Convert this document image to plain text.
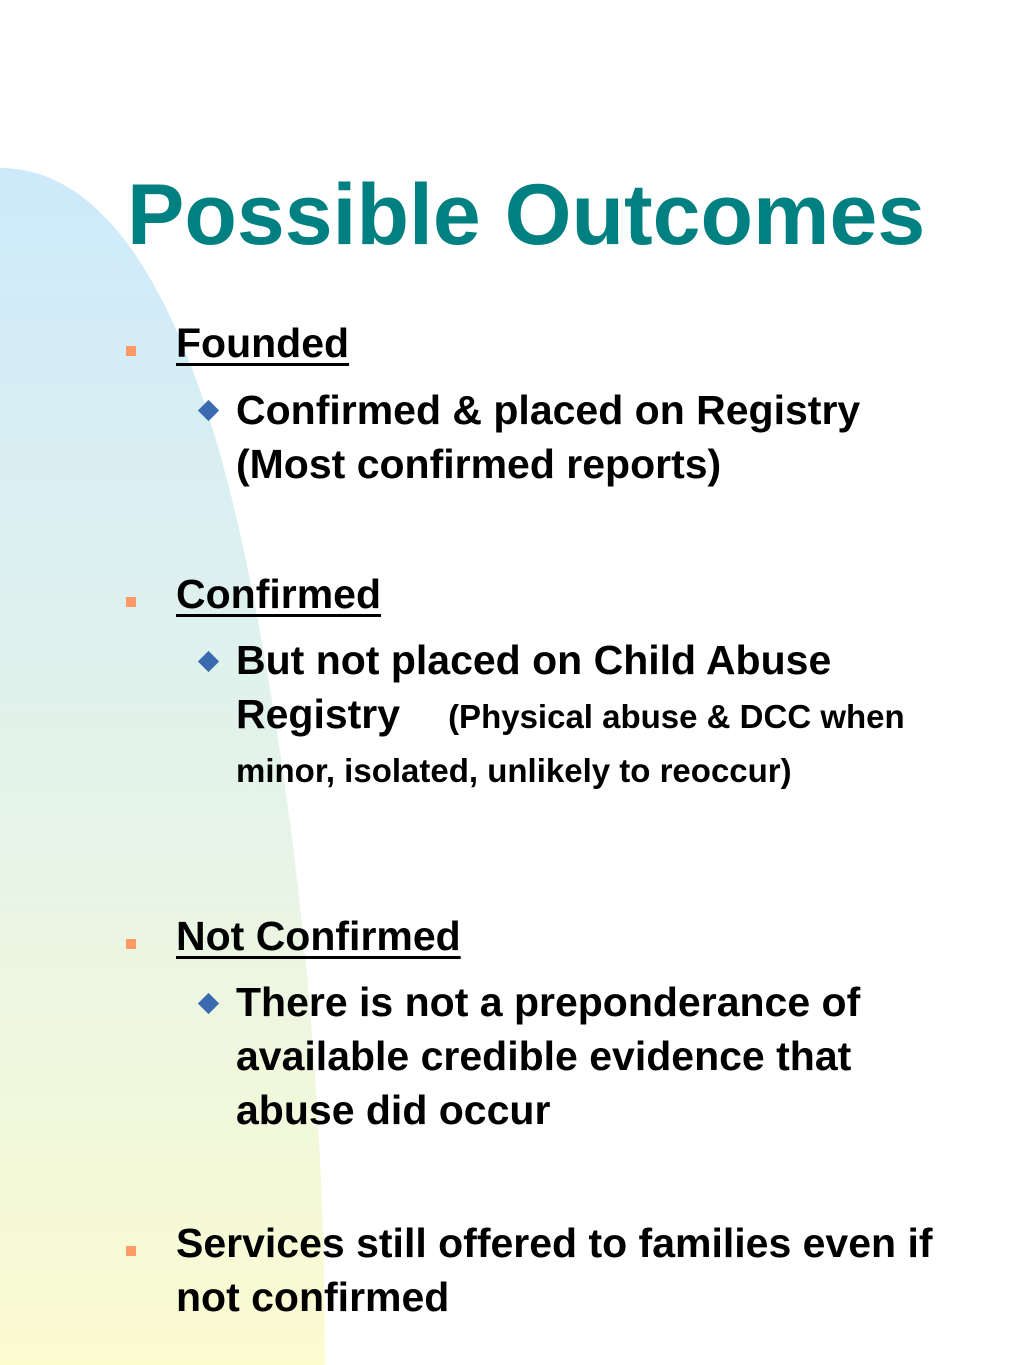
Possible Outcomes
Founded
Confirmed & placed on Registry (Most confirmed reports)
Confirmed
But not placed on Child Abuse Registry (Physical abuse & DCC when minor, isolated, unlikely to reoccur)
Not Confirmed
There is not a preponderance of available credible evidence that abuse did occur
Services still offered to families even if not confirmed
